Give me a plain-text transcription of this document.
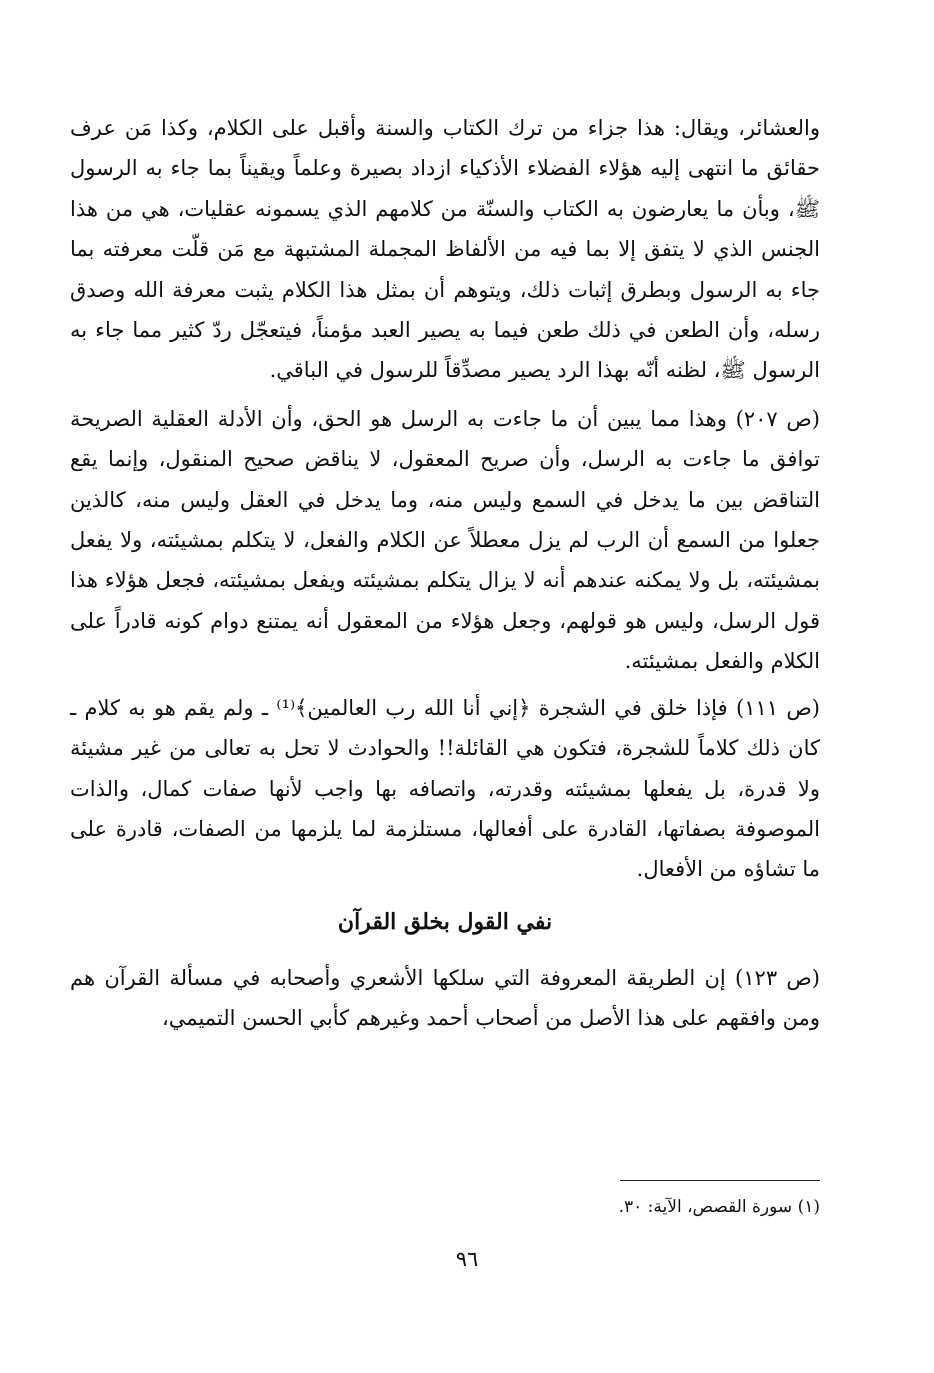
والعشائر، ويقال: هذا جزاء من ترك الكتاب والسنة وأقبل على الكلام، وكذا مَن عرف حقائق ما انتهى إليه هؤلاء الفضلاء الأذكياء ازداد بصيرة وعلماً ويقيناً بما جاء به الرسول ﷺ، وبأن ما يعارضون به الكتاب والسنّة من كلامهم الذي يسمونه عقليات، هي من هذا الجنس الذي لا يتفق إلا بما فيه من الألفاظ المجملة المشتبهة مع مَن قلّت معرفته بما جاء به الرسول وبطرق إثبات ذلك، ويتوهم أن بمثل هذا الكلام يثبت معرفة الله وصدق رسله، وأن الطعن في ذلك طعن فيما به يصير العبد مؤمناً، فيتعجّل ردّ كثير مما جاء به الرسول ﷺ، لظنه أنّه بهذا الرد يصير مصدِّقاً للرسول في الباقي.

(ص ٢٠٧) وهذا مما يبين أن ما جاءت به الرسل هو الحق، وأن الأدلة العقلية الصريحة توافق ما جاءت به الرسل، وأن صريح المعقول، لا يناقض صحيح المنقول، وإنما يقع التناقض بين ما يدخل في السمع وليس منه، وما يدخل في العقل وليس منه، كالذين جعلوا من السمع أن الرب لم يزل معطلاً عن الكلام والفعل، لا يتكلم بمشيئته، ولا يفعل بمشيئته، بل ولا يمكنه عندهم أنه لا يزال يتكلم بمشيئته ويفعل بمشيئته، فجعل هؤلاء هذا قول الرسل، وليس هو قولهم، وجعل هؤلاء من المعقول أنه يمتنع دوام كونه قادراً على الكلام والفعل بمشيئته.

(ص ١١١) فإذا خلق في الشجرة ﴿إني أنا الله رب العالمين﴾⁽¹⁾ ـ ولم يقم هو به كلام ـ كان ذلك كلاماً للشجرة، فتكون هي القائلة!! والحوادث لا تحل به تعالى من غير مشيئة ولا قدرة، بل يفعلها بمشيئته وقدرته، واتصافه بها واجب لأنها صفات كمال، والذات الموصوفة بصفاتها، القادرة على أفعالها، مستلزمة لما يلزمها من الصفات، قادرة على ما تشاؤه من الأفعال.

نفي القول بخلق القرآن

(ص ١٢٣) إن الطريقة المعروفة التي سلكها الأشعري وأصحابه في مسألة القرآن هم ومن وافقهم على هذا الأصل من أصحاب أحمد وغيرهم كأبي الحسن التميمي،

(١) سورة القصص، الآية: ٣٠.
٩٦
